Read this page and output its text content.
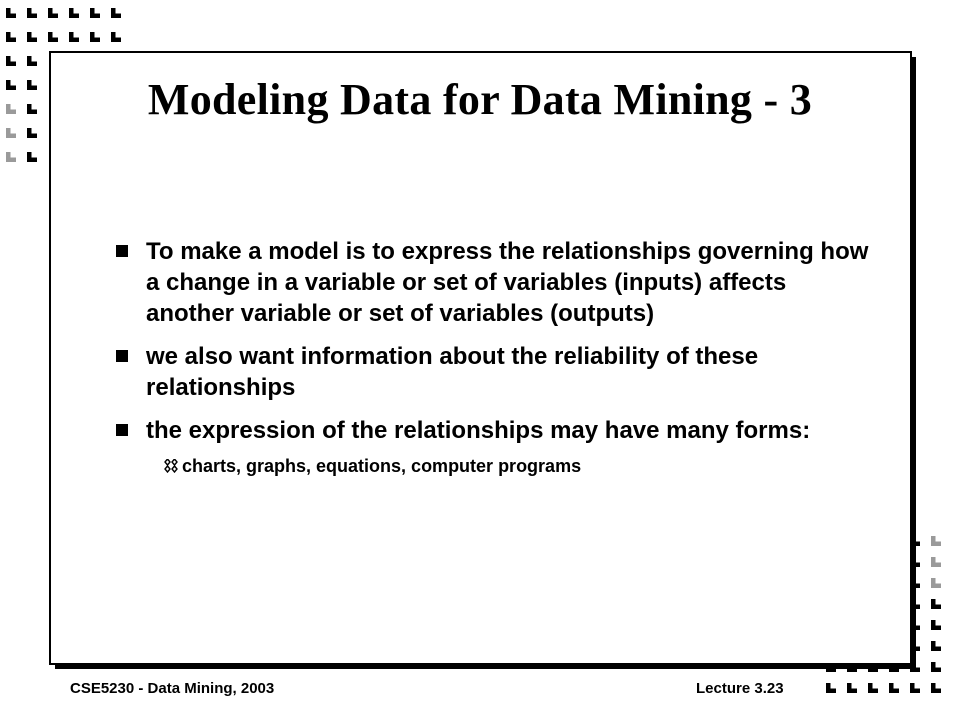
Modeling Data for Data Mining - 3
To make a model is to express the relationships governing how a change in a variable or set of variables (inputs) affects another variable or set of variables (outputs)
we also want information about the reliability of these relationships
the expression of the relationships may have many forms:
charts, graphs, equations, computer programs
CSE5230 - Data Mining, 2003	Lecture 3.23
